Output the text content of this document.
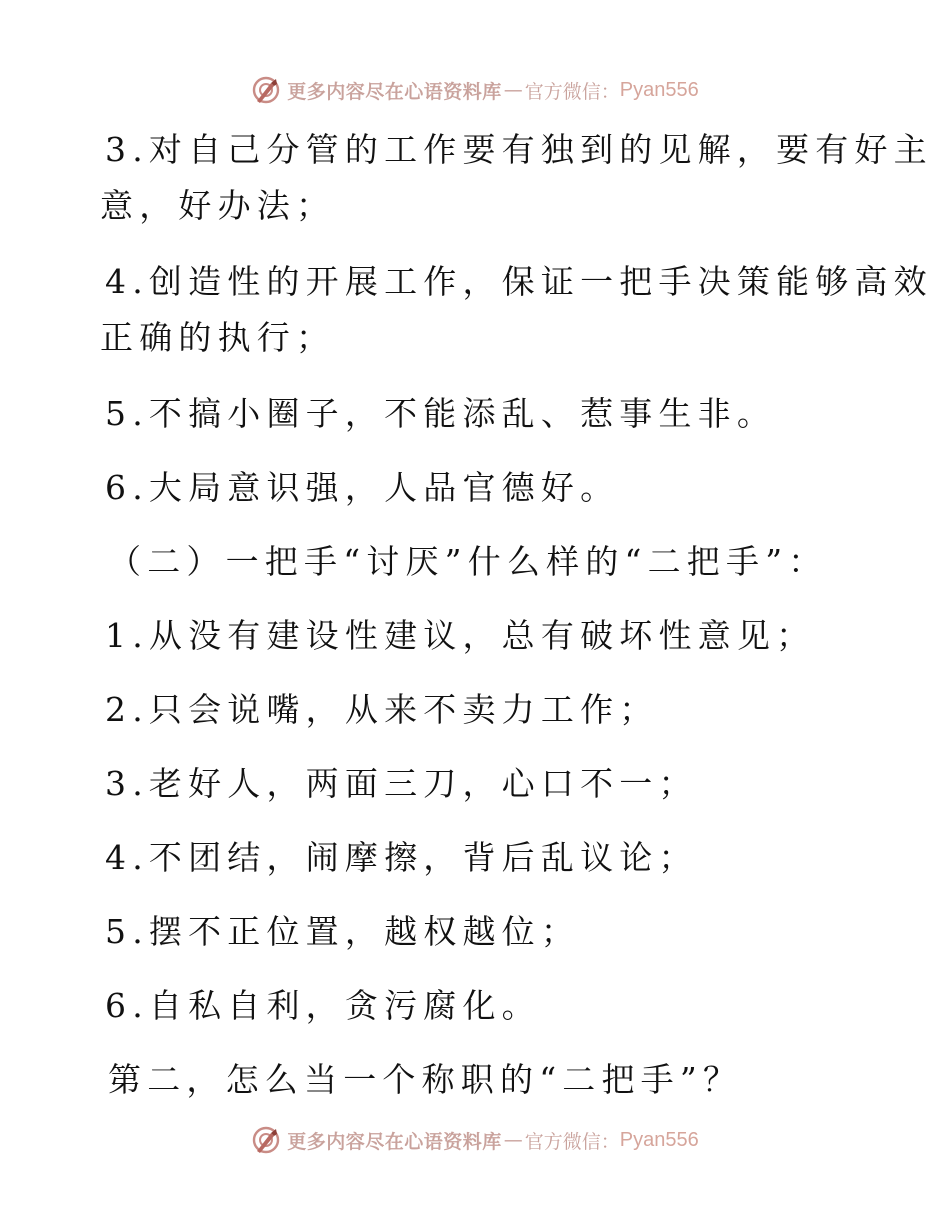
更多内容尽在心语资料库 — 官方微信： Pyan556
3.对自己分管的工作要有独到的见解，要有好主
意，好办法；
4.创造性的开展工作，保证一把手决策能够高效
正确的执行；
5.不搞小圈子，不能添乱、惹事生非。
6.大局意识强，人品官德好。
（二）一把手“讨厌”什么样的“二把手”：
1.从没有建设性建议，总有破坏性意见；
2.只会说嘴，从来不卖力工作；
3.老好人，两面三刀，心口不一；
4.不团结，闹摩擦，背后乱议论；
5.摆不正位置，越权越位；
6.自私自利，贪污腐化。
第二，怎么当一个称职的“二把手”？
更多内容尽在心语资料库 — 官方微信： Pyan556
